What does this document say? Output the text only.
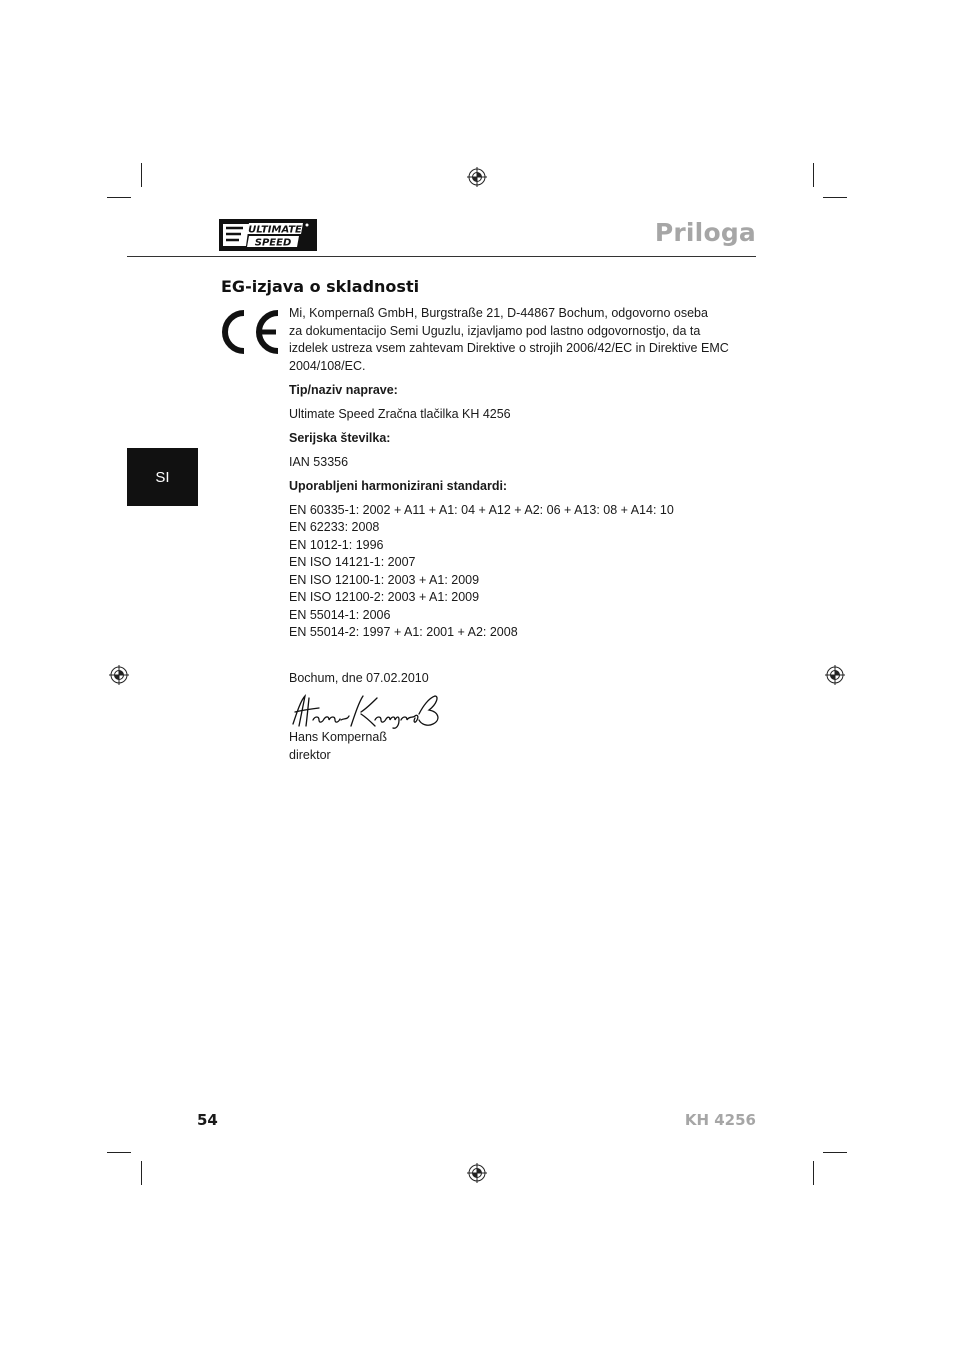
ULTIMATE
SPEED	Priloga
SI
EG-izjava o skladnosti

Mi, Kompernaß GmbH, Burgstraße 21, D-44867 Bochum, odgovorno oseba

za dokumentacijo Semi Uguzlu, izjavljamo pod lastno odgovornostjo, da ta

izdelek ustreza vsem zahtevam Direktive o strojih 2006/42/EC in Direktive EMC

2004/108/EC.

Tip/naziv naprave:

Ultimate Speed Zračna tlačilka KH 4256

Serijska številka:

IAN 53356

Uporabljeni harmonizirani standardi:

EN 60335-1: 2002 + A11 + A1: 04 + A12 + A2: 06 + A13: 08 + A14: 10
EN 62233: 2008
EN 1012-1: 1996
EN ISO 14121-1: 2007
EN ISO 12100-1: 2003 + A1: 2009
EN ISO 12100-2: 2003 + A1: 2009
EN 55014-1: 2006
EN 55014-2: 1997 + A1: 2001 + A2: 2008
Bochum, dne 07.02.2010
Hans Kompernaß
direktor
54	KH 4256
